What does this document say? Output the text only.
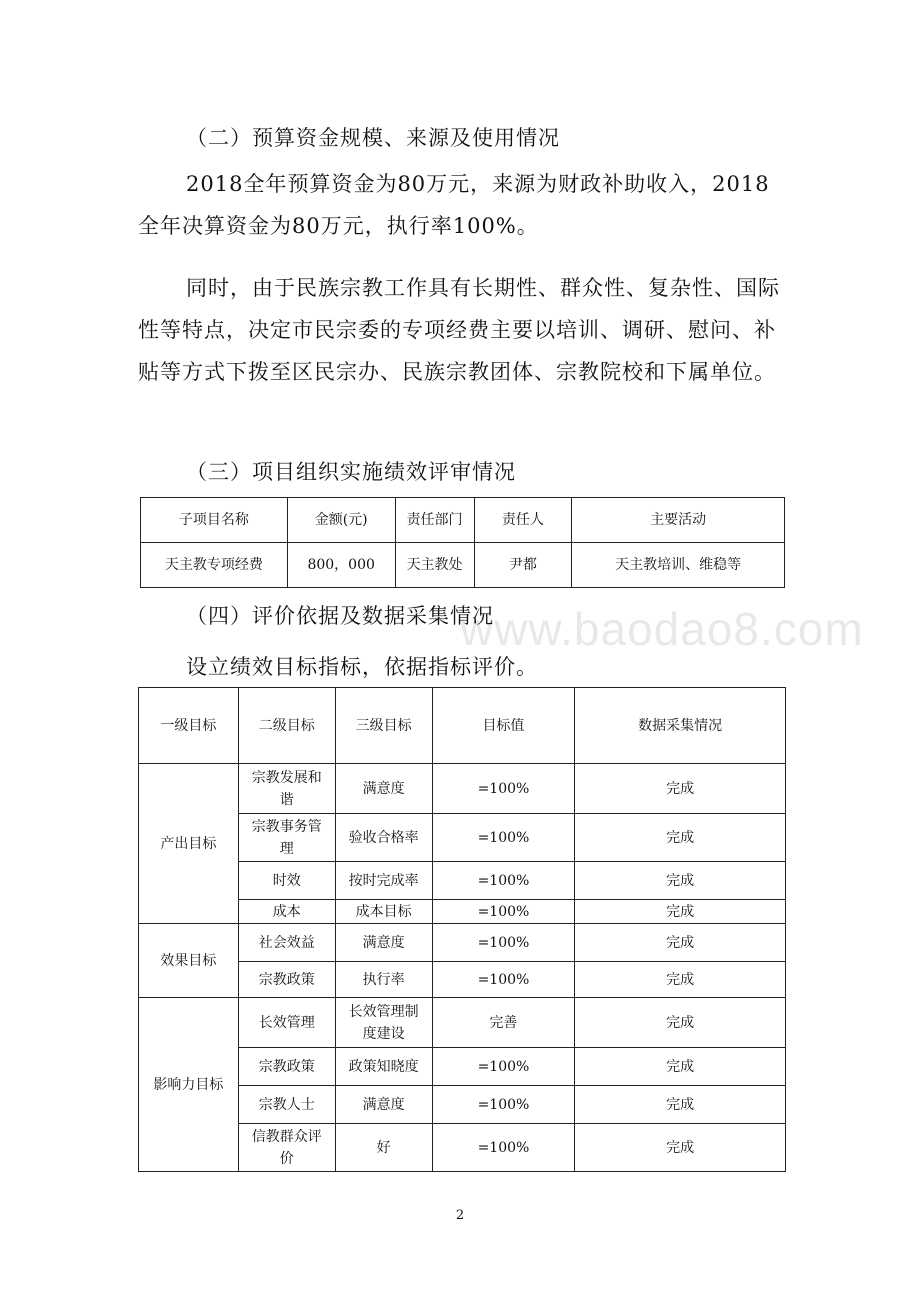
（二）预算资金规模、来源及使用情况

2018全年预算资金为80万元，来源为财政补助收入，2018全年决算资金为80万元，执行率100%。

同时，由于民族宗教工作具有长期性、群众性、复杂性、国际性等特点，决定市民宗委的专项经费主要以培训、调研、慰问、补贴等方式下拨至区民宗办、民族宗教团体、宗教院校和下属单位。

（三）项目组织实施绩效评审情况
子项目名称	金额(元)	责任部门	责任人	主要活动
天主教专项经费	800，000	天主教处	尹都	天主教培训、维稳等
（四）评价依据及数据采集情况
www.baodao8.com
设立绩效目标指标，依据指标评价。
一级目标	二级目标	三级目标	目标值	数据采集情况
产出目标	宗教发展和谐	满意度	=100%	完成
	宗教事务管理	验收合格率	=100%	完成
	时效	按时完成率	=100%	完成
	成本	成本目标	=100%	完成
效果目标	社会效益	满意度	=100%	完成
	宗教政策	执行率	=100%	完成
影响力目标	长效管理	长效管理制度建设	完善	完成
	宗教政策	政策知晓度	=100%	完成
	宗教人士	满意度	=100%	完成
	信教群众评价	好	=100%	完成
2
